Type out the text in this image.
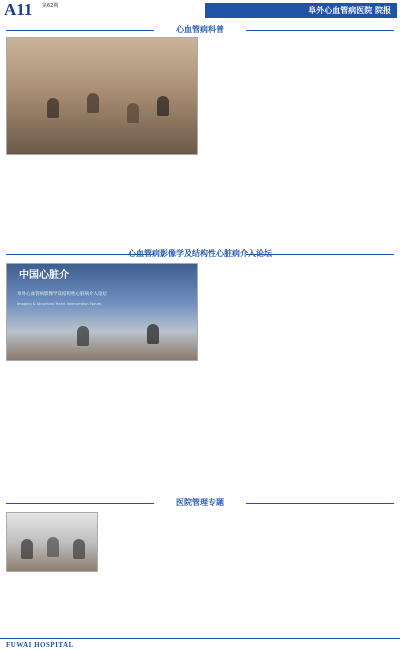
A11 第62期	阜外心血管病医院 院报
心血管病科普
心血管病影像学及结构性心脏病介入论坛
中国心脏介
阜外心血管病影像学及结构性心脏病介入论坛
Imaging & Structural Heart Intervention Forum
医院管理专题
FUWAI HOSPITAL
